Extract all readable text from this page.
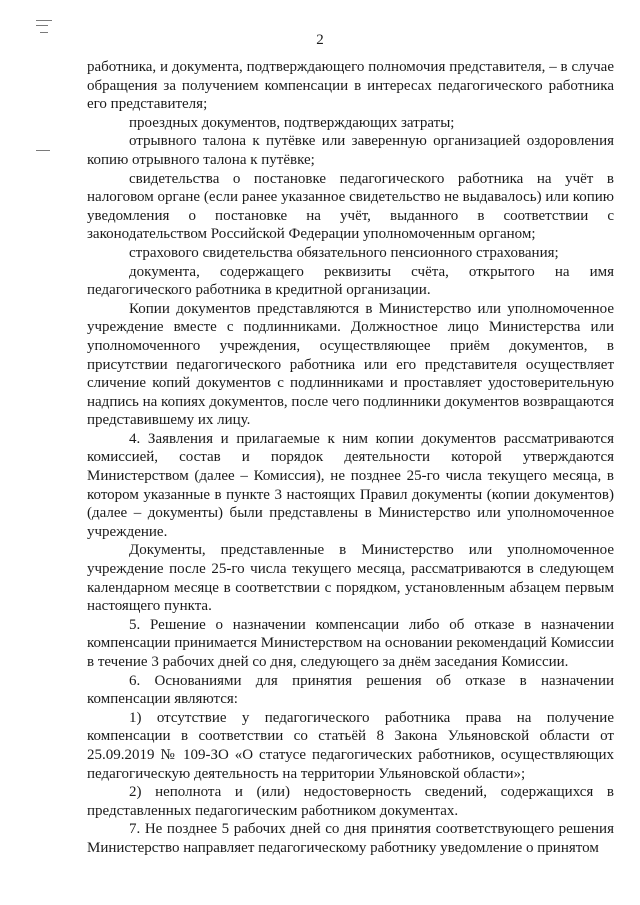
2

работника, и документа, подтверждающего полномочия представителя, – в случае обращения за получением компенсации в интересах педагогического работника его представителя;

проездных документов, подтверждающих затраты;

отрывного талона к путёвке или заверенную организацией оздоровления копию отрывного талона к путёвке;

свидетельства о постановке педагогического работника на учёт в налоговом органе (если ранее указанное свидетельство не выдавалось) или копию уведомления о постановке на учёт, выданного в соответствии с законодательством Российской Федерации уполномоченным органом;

страхового свидетельства обязательного пенсионного страхования;

документа, содержащего реквизиты счёта, открытого на имя педагогического работника в кредитной организации.

Копии документов представляются в Министерство или уполномоченное учреждение вместе с подлинниками. Должностное лицо Министерства или уполномоченного учреждения, осуществляющее приём документов, в присутствии педагогического работника или его представителя осуществляет сличение копий документов с подлинниками и проставляет удостоверительную надпись на копиях документов, после чего подлинники документов возвращаются представившему их лицу.

4. Заявления и прилагаемые к ним копии документов рассматриваются комиссией, состав и порядок деятельности которой утверждаются Министерством (далее – Комиссия), не позднее 25-го числа текущего месяца, в котором указанные в пункте 3 настоящих Правил документы (копии документов) (далее – документы) были представлены в Министерство или уполномоченное учреждение.

Документы, представленные в Министерство или уполномоченное учреждение после 25-го числа текущего месяца, рассматриваются в следующем календарном месяце в соответствии с порядком, установленным абзацем первым настоящего пункта.

5. Решение о назначении компенсации либо об отказе в назначении компенсации принимается Министерством на основании рекомендаций Комиссии в течение 3 рабочих дней со дня, следующего за днём заседания Комиссии.

6. Основаниями для принятия решения об отказе в назначении компенсации являются:

1) отсутствие у педагогического работника права на получение компенсации в соответствии со статьёй 8 Закона Ульяновской области от 25.09.2019 № 109-ЗО «О статусе педагогических работников, осуществляющих педагогическую деятельность на территории Ульяновской области»;

2) неполнота и (или) недостоверность сведений, содержащихся в представленных педагогическим работником документах.

7. Не позднее 5 рабочих дней со дня принятия соответствующего решения Министерство направляет педагогическому работнику уведомление о принятом
